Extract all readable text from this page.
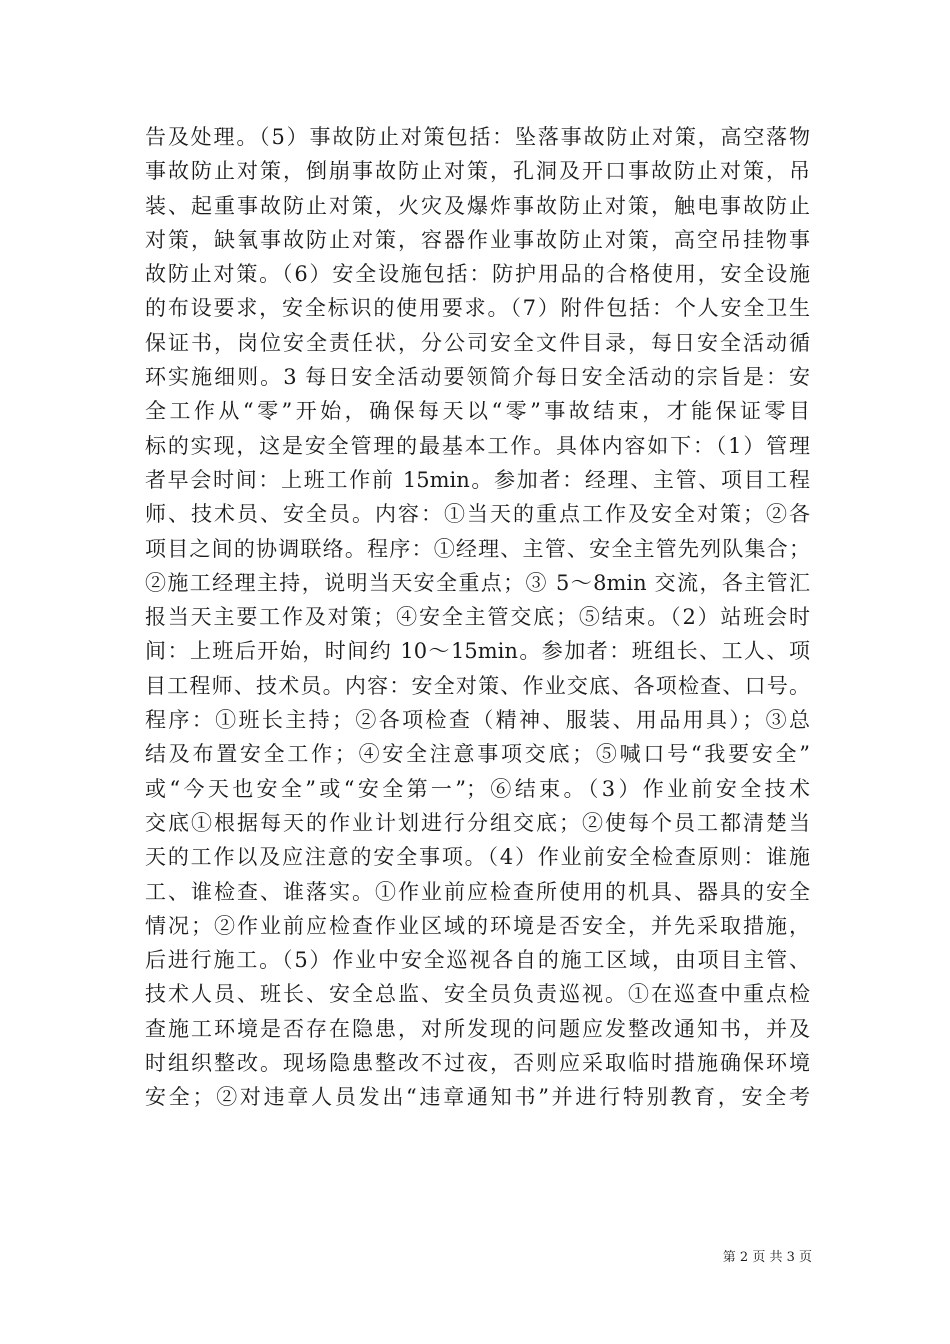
告及处理。（5）事故防止对策包括：坠落事故防止对策，高空落物
事故防止对策，倒崩事故防止对策，孔洞及开口事故防止对策，吊
装、起重事故防止对策，火灾及爆炸事故防止对策，触电事故防止
对策，缺氧事故防止对策，容器作业事故防止对策，高空吊挂物事
故防止对策。（6）安全设施包括：防护用品的合格使用，安全设施
的布设要求，安全标识的使用要求。（7）附件包括：个人安全卫生
保证书，岗位安全责任状，分公司安全文件目录，每日安全活动循
环实施细则。3 每日安全活动要领简介每日安全活动的宗旨是：安
全工作从“零”开始，确保每天以“零”事故结束，才能保证零目
标的实现，这是安全管理的最基本工作。具体内容如下：（1）管理
者早会时间：上班工作前 15min。参加者：经理、主管、项目工程
师、技术员、安全员。内容：①当天的重点工作及安全对策；②各
项目之间的协调联络。程序：①经理、主管、安全主管先列队集合；
②施工经理主持，说明当天安全重点；③ 5～8min 交流，各主管汇
报当天主要工作及对策；④安全主管交底；⑤结束。（2）站班会时
间：上班后开始，时间约 10～15min。参加者：班组长、工人、项
目工程师、技术员。内容：安全对策、作业交底、各项检查、口号。
程序：①班长主持；②各项检查（精神、服装、用品用具）；③总
结及布置安全工作；④安全注意事项交底；⑤喊口号“我要安全”
或“今天也安全”或“安全第一”；⑥结束。（3）作业前安全技术
交底①根据每天的作业计划进行分组交底；②使每个员工都清楚当
天的工作以及应注意的安全事项。（4）作业前安全检查原则：谁施
工、谁检查、谁落实。①作业前应检查所使用的机具、器具的安全
情况；②作业前应检查作业区域的环境是否安全，并先采取措施，
后进行施工。（5）作业中安全巡视各自的施工区域，由项目主管、
技术人员、班长、安全总监、安全员负责巡视。①在巡查中重点检
查施工环境是否存在隐患，对所发现的问题应发整改通知书，并及
时组织整改。现场隐患整改不过夜，否则应采取临时措施确保环境
安全；②对违章人员发出“违章通知书”并进行特别教育，安全考
第 2 页 共 3 页
